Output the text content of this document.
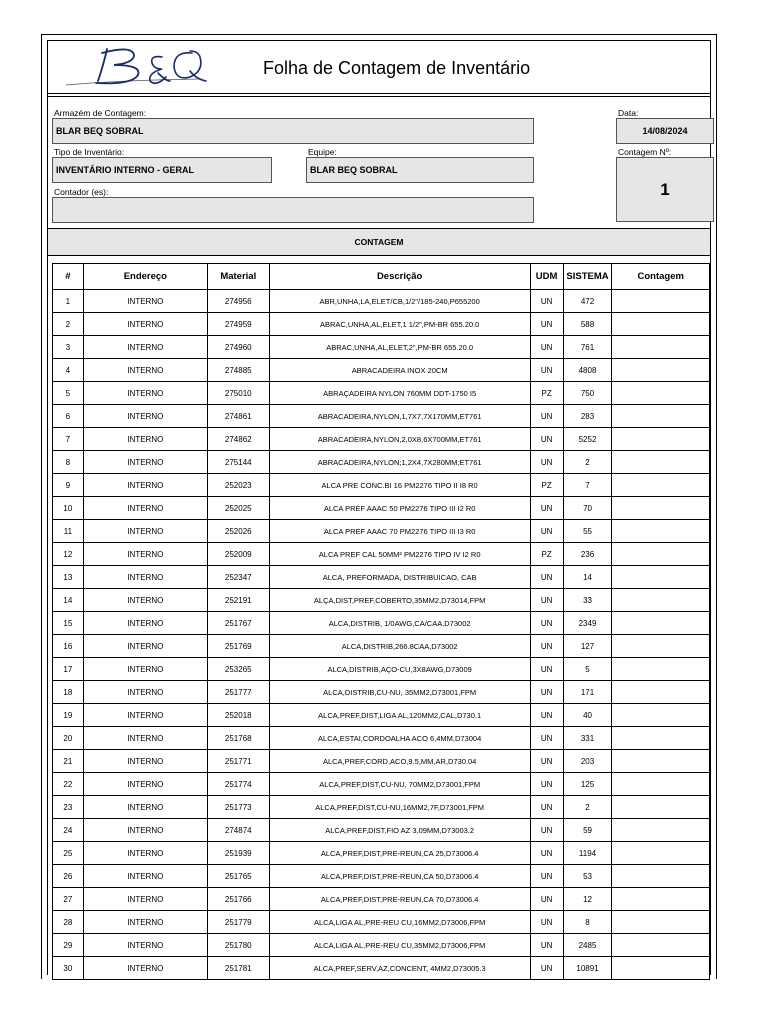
Folha de Contagem de Inventário
Armazém de Contagem:
BLAR BEQ SOBRAL
Data:
14/08/2024
Tipo de Inventário:
INVENTÁRIO INTERNO - GERAL
Equipe:
BLAR BEQ SOBRAL
Contagem Nº:
1
Contador (es):
CONTAGEM
#	Endereço	Material	Descrição	UDM	SISTEMA	Contagem
1	INTERNO	274956	ABR,UNHA,LA,ELET/CB,1/2"/185-240,P655200	UN	472	
2	INTERNO	274959	ABRAC,UNHA,AL,ELET,1 1/2",PM-BR 655.20.0	UN	588	
3	INTERNO	274960	ABRAC,UNHA,AL,ELET,2",PM-BR 655.20.0	UN	761	
4	INTERNO	274885	ABRACADEIRA INOX 20CM	UN	4808	
5	INTERNO	275010	ABRAÇADEIRA NYLON 760MM DDT-1750 I5	PZ	750	
6	INTERNO	274861	ABRACADEIRA,NYLON,1,7X7,7X170MM,ET761	UN	283	
7	INTERNO	274862	ABRACADEIRA,NYLON,2,0X8,6X700MM,ET761	UN	5252	
8	INTERNO	275144	ABRACADEIRA,NYLON;1,2X4,7X280MM;ET761	UN	2	
9	INTERNO	252023	ALCA PRE CONC.BI 16 PM2276 TIPO II I8 R0	PZ	7	
10	INTERNO	252025	ALCA PREF AAAC 50 PM2276 TIPO III I2 R0	UN	70	
11	INTERNO	252026	ALCA PREF AAAC 70 PM2276 TIPO III I3 R0	UN	55	
12	INTERNO	252009	ALCA PREF CAL 50MM² PM2276 TIPO IV I2 R0	PZ	236	
13	INTERNO	252347	ALCA, PREFORMADA, DISTRIBUICAO, CAB	UN	14	
14	INTERNO	252191	ALÇA,DIST,PREF,COBERTO,35MM2,D73014,FPM	UN	33	
15	INTERNO	251767	ALCA,DISTRIB, 1/0AWG,CA/CAA,D73002	UN	2349	
16	INTERNO	251769	ALCA,DISTRIB,266.8CAA,D73002	UN	127	
17	INTERNO	253265	ALCA,DISTRIB,AÇO-CU,3X8AWG,D73009	UN	5	
18	INTERNO	251777	ALCA,DISTRIB,CU-NU, 35MM2,D73001,FPM	UN	171	
19	INTERNO	252018	ALCA,PREF,DIST,LIGA AL,120MM2,CAL,D730.1	UN	40	
20	INTERNO	251768	ALCA,ESTAI,CORDOALHA ACO 6,4MM,D73004	UN	331	
21	INTERNO	251771	ALCA,PREF,CORD,ACO,9.5,MM,AR,D730.04	UN	203	
22	INTERNO	251774	ALCA,PREF,DIST,CU-NU, 70MM2,D73001,FPM	UN	125	
23	INTERNO	251773	ALCA,PREF,DIST,CU-NU,16MM2,7F,D73001,FPM	UN	2	
24	INTERNO	274874	ALCA,PREF,DIST,FIO AZ 3,09MM,D73003.2	UN	59	
25	INTERNO	251939	ALCA,PREF,DIST,PRE-REUN,CA 25,D73006.4	UN	1194	
26	INTERNO	251765	ALCA,PREF,DIST,PRE-REUN,CA 50,D73006.4	UN	53	
27	INTERNO	251766	ALCA,PREF,DIST,PRE-REUN,CA 70,D73006.4	UN	12	
28	INTERNO	251779	ALCA,LIGA AL,PRE-REU CU,16MM2,D73006,FPM	UN	8	
29	INTERNO	251780	ALCA,LIGA AL,PRE-REU CU,35MM2,D73006,FPM	UN	2485	
30	INTERNO	251781	ALCA,PREF,SERV,AZ,CONCENT, 4MM2,D73005.3	UN	10891	
